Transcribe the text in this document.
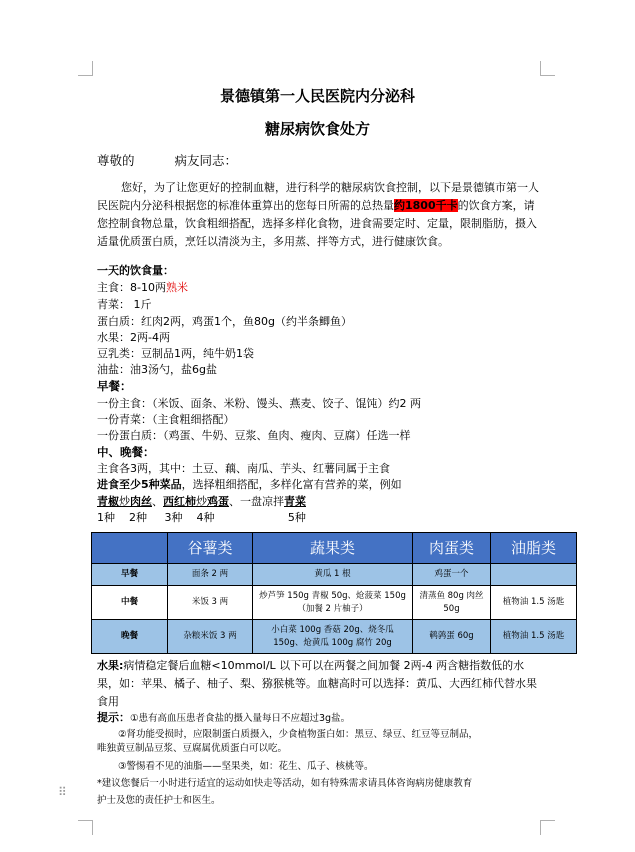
景德镇第一人民医院内分泌科
糖尿病饮食处方
尊敬的	病友同志：
您好，为了让您更好的控制血糖，进行科学的糖尿病饮食控制，以下是景德镇市第一人民医院内分泌科根据您的标准体重算出的您每日所需的总热量约1800千卡的饮食方案，请您控制食物总量，饮食粗细搭配，选择多样化食物，进食需要定时、定量，限制脂肪，摄入适量优质蛋白质，烹饪以清淡为主，多用蒸、拌等方式，进行健康饮食。
一天的饮食量：
主食：8-10两熟米
青菜： 1斤
蛋白质：红肉2两，鸡蛋1个，鱼80g（约半条鲫鱼）
水果：2两-4两
豆乳类：豆制品1两，纯牛奶1袋
油盐：油3汤勺，盐6g盐
早餐：
一份主食：（米饭、面条、米粉、馒头、燕麦、饺子、馄饨）约2 两
一份青菜：（主食粗细搭配）
一份蛋白质：（鸡蛋、牛奶、豆浆、鱼肉、瘦肉、豆腐）任选一样
中、晚餐：
主食各3两，其中：土豆、藕、南瓜、芋头、红薯同属于主食
进食至少5种菜品，选择粗细搭配，多样化富有营养的菜，例如
青椒炒肉丝、西红柿炒鸡蛋、一盘凉拌青菜
1种    2种     3种    4种                     5种
	谷薯类	蔬果类	肉蛋类	油脂类
早餐	面条 2 两	黄瓜 1 根	鸡蛋一个	
中餐	米饭 3 两	炒芦笋 150g 青椒 50g、炝菠菜 150g（加餐 2 片柚子）	清蒸鱼 80g 肉丝 50g	植物油 1.5 汤匙
晚餐	杂粮米饭 3 两	小白菜 100g 香菇 20g、烧冬瓜 150g、炝黄瓜 100g 腐竹 20g	鹌鹑蛋 60g	植物油 1.5 汤匙
水果:病情稳定餐后血糖<10mmol/L 以下可以在两餐之间加餐 2两-4 两含糖指数低的水果，如：苹果、橘子、柚子、梨、猕猴桃等。血糖高时可以选择：黄瓜、大西红柿代替水果食用
提示：①患有高血压患者食盐的摄入量每日不应超过3g盐。
②肾功能受损时，应限制蛋白质摄入，少食植物蛋白如：黑豆、绿豆、红豆等豆制品，
唯独黄豆制品豆浆、豆腐属优质蛋白可以吃。
③警惕看不见的油脂——坚果类，如：花生、瓜子、核桃等。
*建议您餐后一小时进行适宜的运动如快走等活动，如有特殊需求请具体咨询病房健康教育
护士及您的责任护士和医生。
⠿
